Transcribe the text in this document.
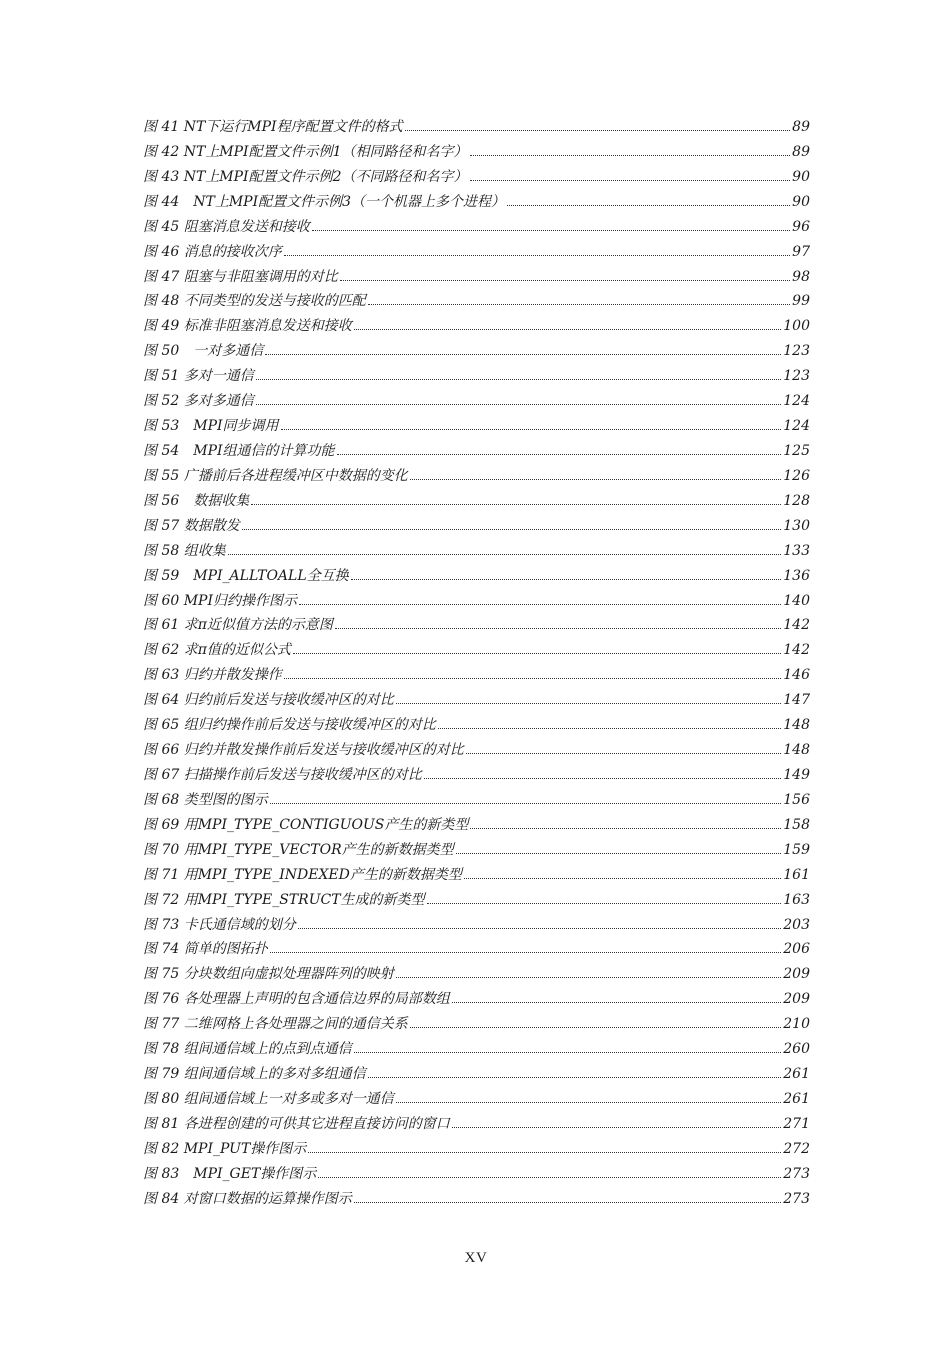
图 41 NT下运行MPI程序配置文件的格式	89
图 42 NT上MPI配置文件示例1（相同路径和名字）	89
图 43 NT上MPI配置文件示例2（不同路径和名字）	90
图 44　NT上MPI配置文件示例3（一个机器上多个进程）	90
图 45 阻塞消息发送和接收	96
图 46 消息的接收次序	97
图 47 阻塞与非阻塞调用的对比	98
图 48 不同类型的发送与接收的匹配	99
图 49 标准非阻塞消息发送和接收	100
图 50　一对多通信	123
图 51 多对一通信	123
图 52 多对多通信	124
图 53　MPI同步调用	124
图 54　MPI组通信的计算功能	125
图 55 广播前后各进程缓冲区中数据的变化	126
图 56　数据收集	128
图 57 数据散发	130
图 58 组收集	133
图 59　MPI_ALLTOALL全互换	136
图 60 MPI归约操作图示	140
图 61 求π近似值方法的示意图	142
图 62 求π值的近似公式	142
图 63 归约并散发操作	146
图 64 归约前后发送与接收缓冲区的对比	147
图 65 组归约操作前后发送与接收缓冲区的对比	148
图 66 归约并散发操作前后发送与接收缓冲区的对比	148
图 67 扫描操作前后发送与接收缓冲区的对比	149
图 68 类型图的图示	156
图 69 用MPI_TYPE_CONTIGUOUS产生的新类型	158
图 70 用MPI_TYPE_VECTOR产生的新数据类型	159
图 71 用MPI_TYPE_INDEXED产生的新数据类型	161
图 72 用MPI_TYPE_STRUCT生成的新类型	163
图 73 卡氏通信域的划分	203
图 74 简单的图拓扑	206
图 75 分块数组向虚拟处理器阵列的映射	209
图 76 各处理器上声明的包含通信边界的局部数组	209
图 77 二维网格上各处理器之间的通信关系	210
图 78 组间通信域上的点到点通信	260
图 79 组间通信域上的多对多组通信	261
图 80 组间通信域上一对多或多对一通信	261
图 81 各进程创建的可供其它进程直接访问的窗口	271
图 82 MPI_PUT操作图示	272
图 83　MPI_GET操作图示	273
图 84 对窗口数据的运算操作图示	273
XV
